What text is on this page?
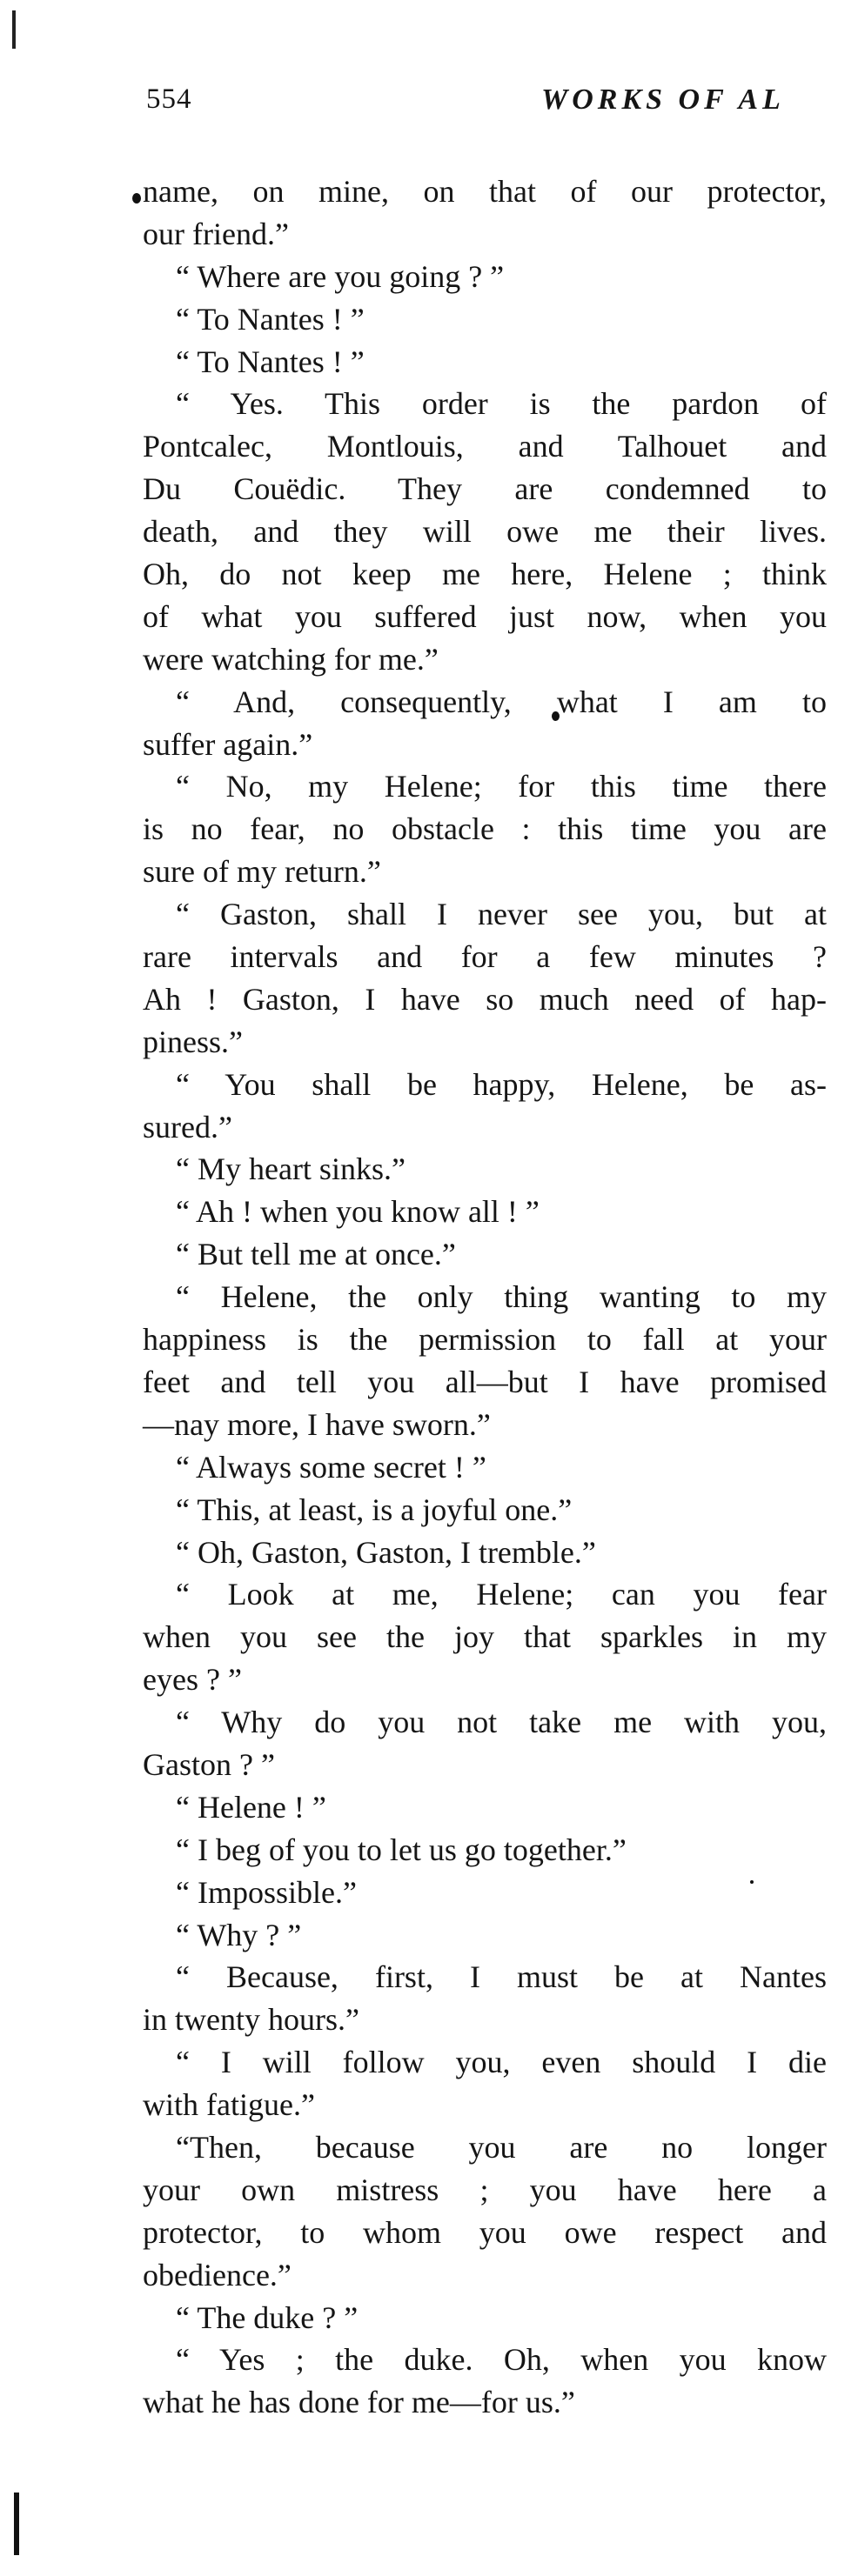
554	WORKS OF AL
name, on mine, on that of our protector,
our friend.”
“ Where are you going ? ”
“ To Nantes ! ”
“ To Nantes ! ”
“ Yes. This order is the pardon of
Pontcalec, Montlouis, and Talhouet and
Du Couëdic. They are condemned to
death, and they will owe me their lives.
Oh, do not keep me here, Helene ; think
of what you suffered just now, when you
were watching for me.”
“ And, consequently, what I am to
suffer again.”
“ No, my Helene; for this time there
is no fear, no obstacle : this time you are
sure of my return.”
“ Gaston, shall I never see you, but at
rare intervals and for a few minutes ?
Ah ! Gaston, I have so much need of hap-
piness.”
“ You shall be happy, Helene, be as-
sured.”
“ My heart sinks.”
“ Ah ! when you know all ! ”
“ But tell me at once.”
“ Helene, the only thing wanting to my
happiness is the permission to fall at your
feet and tell you all—but I have promised
—nay more, I have sworn.”
“ Always some secret ! ”
“ This, at least, is a joyful one.”
“ Oh, Gaston, Gaston, I tremble.”
“ Look at me, Helene; can you fear
when you see the joy that sparkles in my
eyes ? ”
“ Why do you not take me with you,
Gaston ? ”
“ Helene ! ”
“ I beg of you to let us go together.”
“ Impossible.”
“ Why ? ”
“ Because, first, I must be at Nantes
in twenty hours.”
“ I will follow you, even should I die
with fatigue.”
“Then, because you are no longer
your own mistress ; you have here a
protector, to whom you owe respect and
obedience.”
“ The duke ? ”
“ Yes ; the duke. Oh, when you know
what he has done for me—for us.”
